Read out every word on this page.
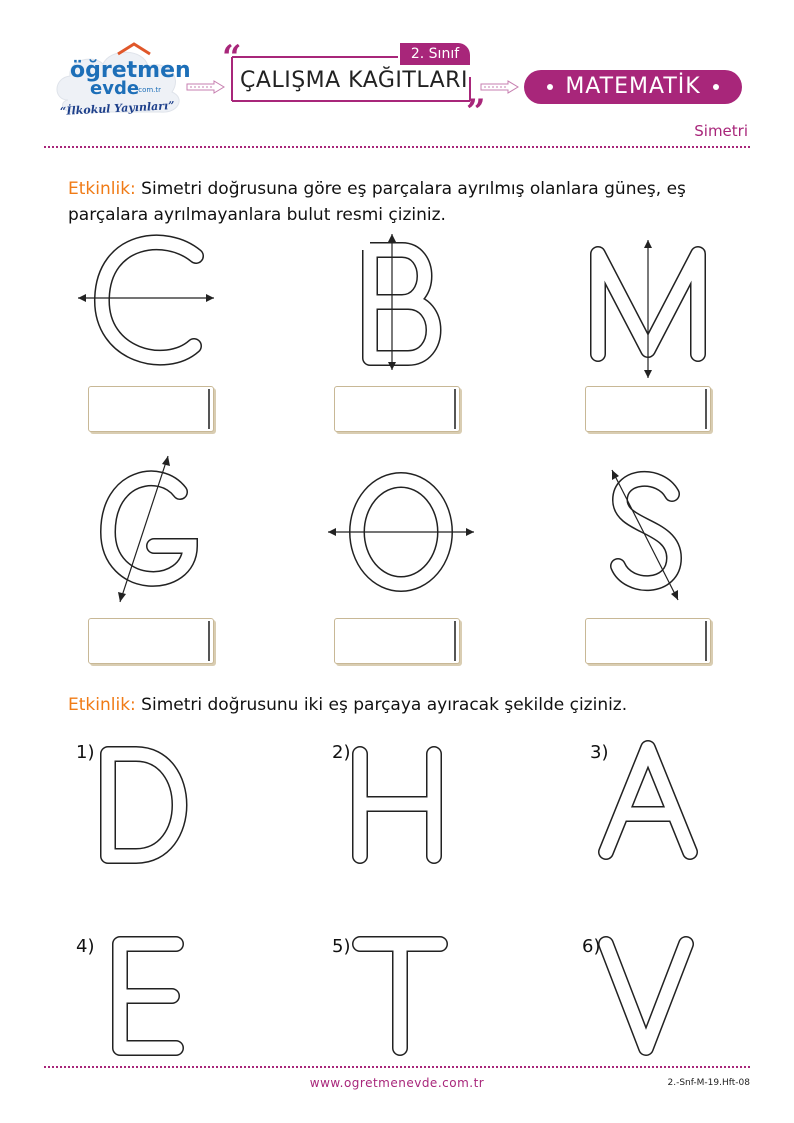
öğretmen
evde
.com.tr
“İlkokul Yayınları”
“	2. Sınıf
ÇALIŞMA KAĞITLARI
”
MATEMATİK
Simetri
Etkinlik: Simetri doğrusuna göre eş parçalara ayrılmış olanlara güneş, eş parçalara ayrılmayanlara bulut resmi çiziniz.
Etkinlik: Simetri doğrusunu iki eş parçaya ayıracak şekilde çiziniz.
1)	2)	3)
4)	5)	6)
www.ogretmenevde.com.tr	2.-Snf-M-19.Hft-08
